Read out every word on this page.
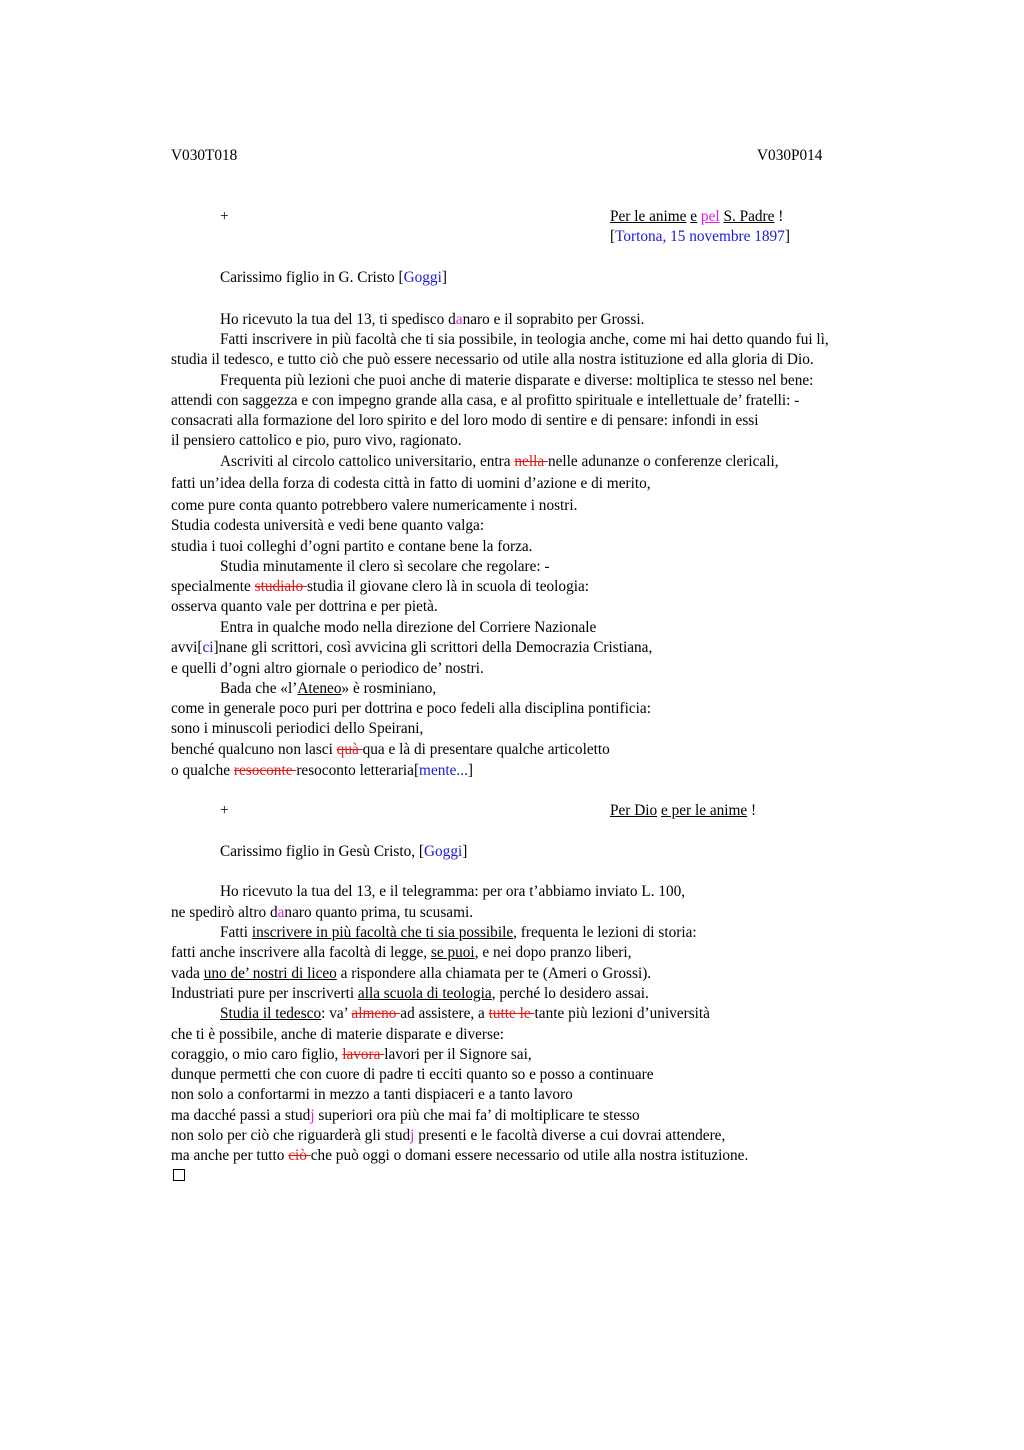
V030T018	V030P014
+	Per le anime e pel S. Padre !
[Tortona, 15 novembre 1897]
Carissimo figlio in G. Cristo [Goggi]
Ho ricevuto la tua del 13, ti spedisco danaro e il soprabito per Grossi.
Fatti inscrivere in più facoltà che ti sia possibile, in teologia anche, come mi hai detto quando fui lì,
studia il tedesco, e tutto ciò che può essere necessario od utile alla nostra istituzione ed alla gloria di Dio.
Frequenta più lezioni che puoi anche di materie disparate e diverse: moltiplica te stesso nel bene:
attendi con saggezza e con impegno grande alla casa, e al profitto spirituale e intellettuale de’ fratelli: -
consacrati alla formazione del loro spirito e del loro modo di sentire e di pensare: infondi in essi
il pensiero cattolico e pio, puro vivo, ragionato.
Ascriviti al circolo cattolico universitario, entra nella nelle adunanze o conferenze clericali,
fatti un’idea della forza di codesta città in fatto di uomini d’azione e di merito,
come pure conta quanto potrebbero valere numericamente i nostri.
Studia codesta università e vedi bene quanto valga:
studia i tuoi colleghi d’ogni partito e contane bene la forza.
Studia minutamente il clero sì secolare che regolare: -
specialmente studialo studia il giovane clero là in scuola di teologia:
osserva quanto vale per dottrina e per pietà.
Entra in qualche modo nella direzione del Corriere Nazionale
avvi[ci]nane gli scrittori, così avvicina gli scrittori della Democrazia Cristiana,
e quelli d’ogni altro giornale o periodico de’ nostri.
Bada che «l’Ateneo» è rosminiano,
come in generale poco puri per dottrina e poco fedeli alla disciplina pontificia:
sono i minuscoli periodici dello Speirani,
benché qualcuno non lasci quà qua e là di presentare qualche articoletto
o qualche resoconte resoconto letteraria[mente...]
+	Per Dio e per le anime !
Carissimo figlio in Gesù Cristo, [Goggi]
Ho ricevuto la tua del 13, e il telegramma: per ora t’abbiamo inviato L. 100,
ne spedirò altro danaro quanto prima, tu scusami.
Fatti inscrivere in più facoltà che ti sia possibile, frequenta le lezioni di storia:
fatti anche inscrivere alla facoltà di legge, se puoi, e nei dopo pranzo liberi,
vada uno de’ nostri di liceo a rispondere alla chiamata per te (Ameri o Grossi).
Industriati pure per inscriverti alla scuola di teologia, perché lo desidero assai.
Studia il tedesco: va’ almeno ad assistere, a tutte le tante più lezioni d’università
che ti è possibile, anche di materie disparate e diverse:
coraggio, o mio caro figlio, lavora lavori per il Signore sai,
dunque permetti che con cuore di padre ti ecciti quanto so e posso a continuare
non solo a confortarmi in mezzo a tanti dispiaceri e a tanto lavoro
ma dacché passi a studj superiori ora più che mai fa’ di moltiplicare te stesso
non solo per ciò che riguarderà gli studj presenti e le facoltà diverse a cui dovrai attendere,
ma anche per tutto ciò che può oggi o domani essere necessario od utile alla nostra istituzione.
